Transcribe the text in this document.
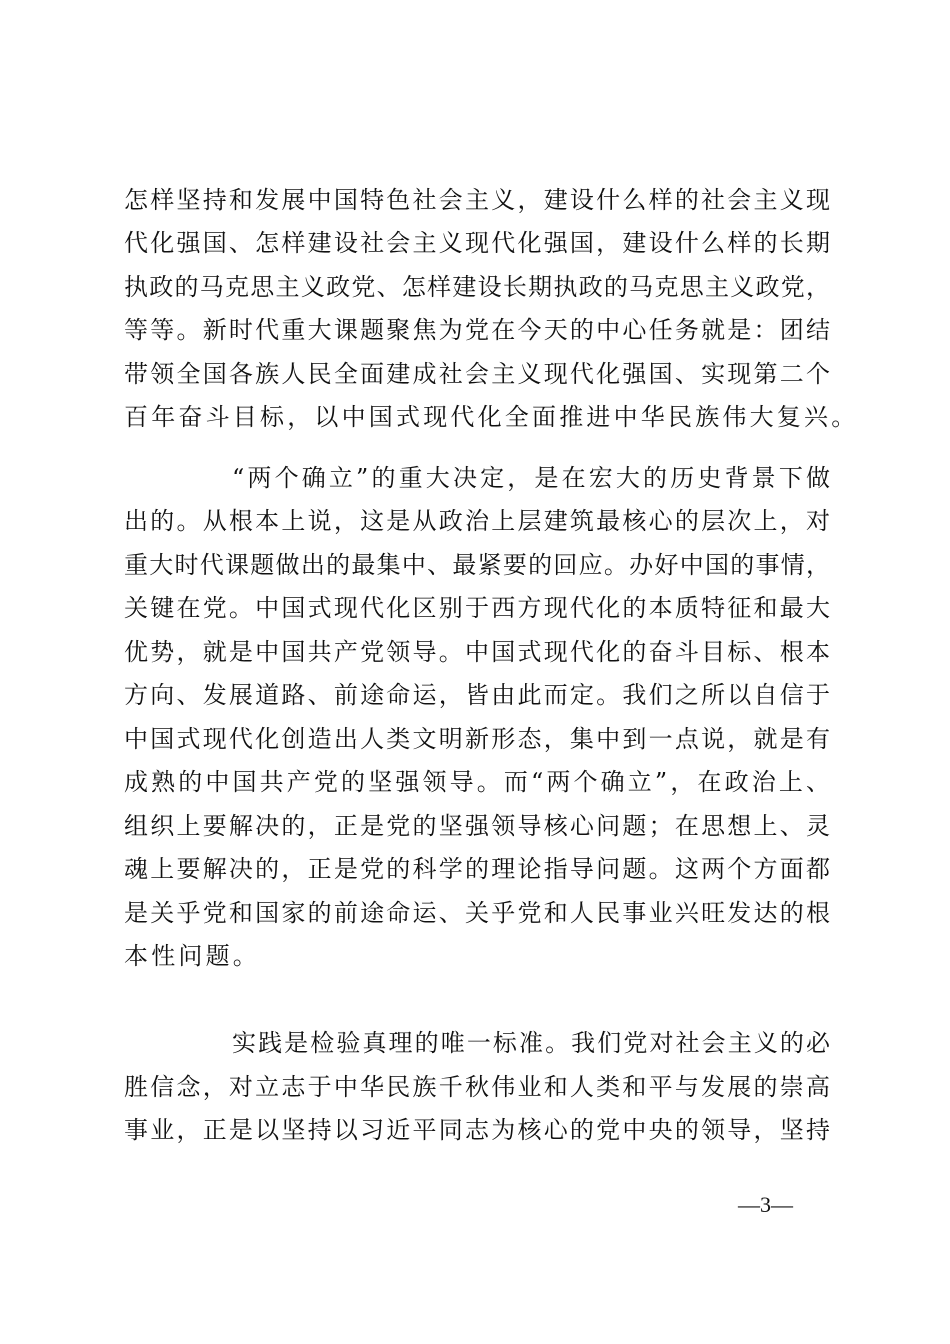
怎样坚持和发展中国特色社会主义，建设什么样的社会主义现
代化强国、怎样建设社会主义现代化强国，建设什么样的长期
执政的马克思主义政党、怎样建设长期执政的马克思主义政党，
等等。新时代重大课题聚焦为党在今天的中心任务就是：团结
带领全国各族人民全面建成社会主义现代化强国、实现第二个
百年奋斗目标，以中国式现代化全面推进中华民族伟大复兴。
“两个确立”的重大决定，是在宏大的历史背景下做
出的。从根本上说，这是从政治上层建筑最核心的层次上，对
重大时代课题做出的最集中、最紧要的回应。办好中国的事情，
关键在党。中国式现代化区别于西方现代化的本质特征和最大
优势，就是中国共产党领导。中国式现代化的奋斗目标、根本
方向、发展道路、前途命运，皆由此而定。我们之所以自信于
中国式现代化创造出人类文明新形态，集中到一点说，就是有
成熟的中国共产党的坚强领导。而“两个确立”，在政治上、
组织上要解决的，正是党的坚强领导核心问题；在思想上、灵
魂上要解决的，正是党的科学的理论指导问题。这两个方面都
是关乎党和国家的前途命运、关乎党和人民事业兴旺发达的根
本性问题。
实践是检验真理的唯一标准。我们党对社会主义的必
胜信念，对立志于中华民族千秋伟业和人类和平与发展的崇高
事业，正是以坚持以习近平同志为核心的党中央的领导，坚持
—3—
